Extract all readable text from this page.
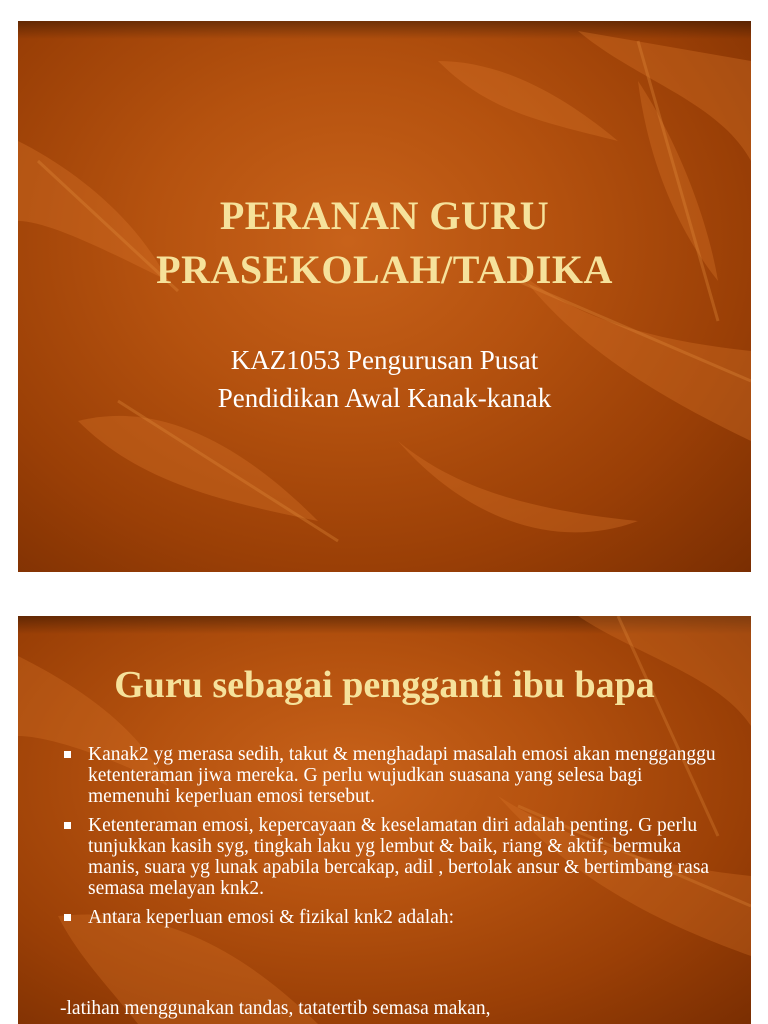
PERANAN GURU
PRASEKOLAH/TADIKA
KAZ1053 Pengurusan Pusat
Pendidikan Awal Kanak-kanak
Guru sebagai pengganti ibu bapa
Kanak2 yg merasa sedih, takut & menghadapi masalah emosi akan mengganggu ketenteraman jiwa mereka. G perlu wujudkan suasana yang selesa bagi memenuhi keperluan emosi tersebut.
Ketenteraman emosi, kepercayaan & keselamatan diri adalah penting. G perlu tunjukkan kasih syg, tingkah laku yg lembut & baik, riang & aktif, bermuka manis, suara yg lunak apabila bercakap, adil , bertolak ansur & bertimbang rasa semasa melayan knk2.
Antara keperluan emosi & fizikal knk2 adalah:
-latihan menggunakan tandas, tatatertib semasa makan,
